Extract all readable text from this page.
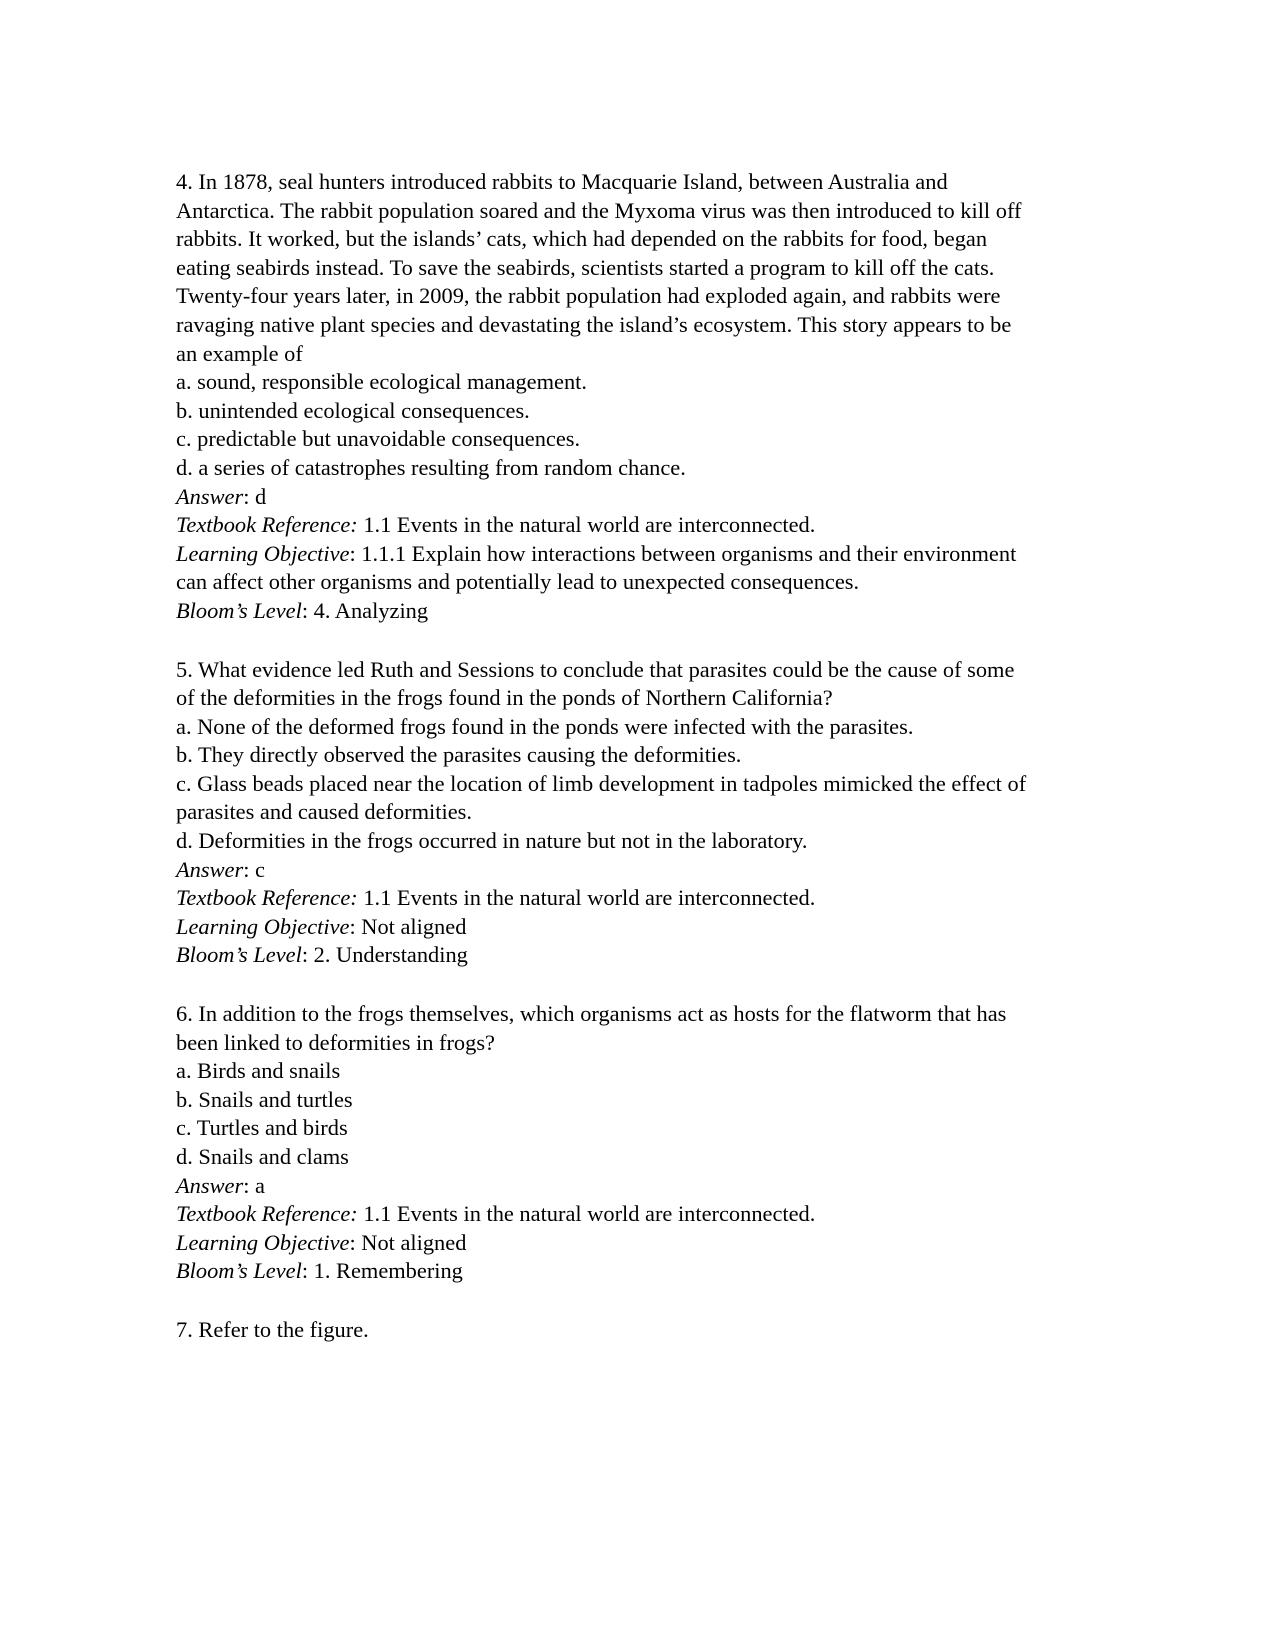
4. In 1878, seal hunters introduced rabbits to Macquarie Island, between Australia and Antarctica. The rabbit population soared and the Myxoma virus was then introduced to kill off rabbits. It worked, but the islands’ cats, which had depended on the rabbits for food, began eating seabirds instead. To save the seabirds, scientists started a program to kill off the cats. Twenty-four years later, in 2009, the rabbit population had exploded again, and rabbits were ravaging native plant species and devastating the island’s ecosystem. This story appears to be an example of

a. sound, responsible ecological management.

b. unintended ecological consequences.

c. predictable but unavoidable consequences.

d. a series of catastrophes resulting from random chance.

Answer: d

Textbook Reference: 1.1 Events in the natural world are interconnected.

Learning Objective: 1.1.1 Explain how interactions between organisms and their environment can affect other organisms and potentially lead to unexpected consequences.

Bloom’s Level: 4. Analyzing

5. What evidence led Ruth and Sessions to conclude that parasites could be the cause of some of the deformities in the frogs found in the ponds of Northern California?

a. None of the deformed frogs found in the ponds were infected with the parasites.

b. They directly observed the parasites causing the deformities.

c. Glass beads placed near the location of limb development in tadpoles mimicked the effect of parasites and caused deformities.

d. Deformities in the frogs occurred in nature but not in the laboratory.

Answer: c

Textbook Reference: 1.1 Events in the natural world are interconnected.

Learning Objective: Not aligned

Bloom’s Level: 2. Understanding

6. In addition to the frogs themselves, which organisms act as hosts for the flatworm that has been linked to deformities in frogs?

a. Birds and snails

b. Snails and turtles

c. Turtles and birds

d. Snails and clams

Answer: a

Textbook Reference: 1.1 Events in the natural world are interconnected.

Learning Objective: Not aligned

Bloom’s Level: 1. Remembering

7. Refer to the figure.
